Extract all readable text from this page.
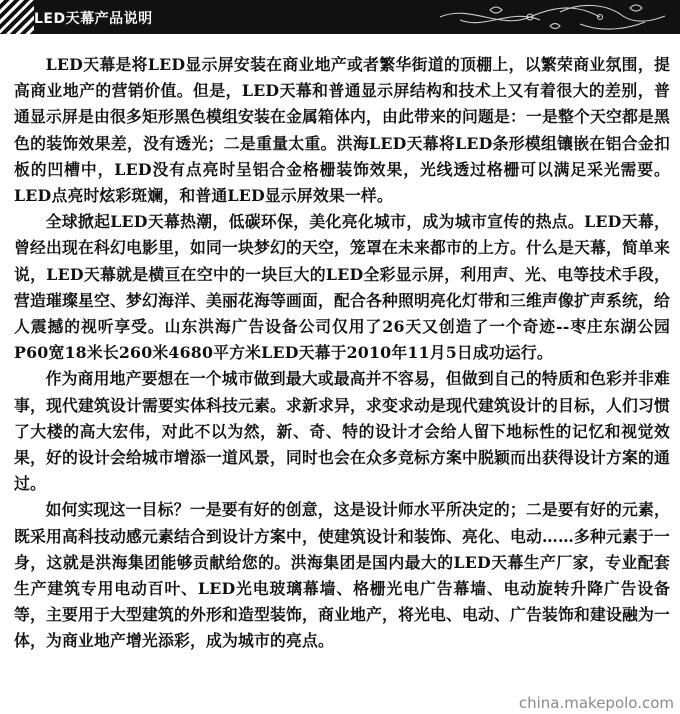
LED天幕产品说明

LED天幕是将LED显示屏安装在商业地产或者繁华街道的顶棚上，以繁荣商业氛围，提高商业地产的营销价值。但是，LED天幕和普通显示屏结构和技术上又有着很大的差别，普通显示屏是由很多矩形黑色模组安装在金属箱体内，由此带来的问题是：一是整个天空都是黑色的装饰效果差，没有透光；二是重量太重。洪海LED天幕将LED条形模组镶嵌在铝合金扣板的凹槽中，LED没有点亮时呈铝合金格栅装饰效果，光线透过格栅可以满足采光需要。LED点亮时炫彩斑斓，和普通LED显示屏效果一样。

全球掀起LED天幕热潮，低碳环保，美化亮化城市，成为城市宣传的热点。LED天幕，曾经出现在科幻电影里，如同一块梦幻的天空，笼罩在未来都市的上方。什么是天幕，简单来说，LED天幕就是横亘在空中的一块巨大的LED全彩显示屏，利用声、光、电等技术手段，营造璀璨星空、梦幻海洋、美丽花海等画面，配合各种照明亮化灯带和三维声像扩声系统，给人震撼的视听享受。山东洪海广告设备公司仅用了26天又创造了一个奇迹--枣庄东湖公园P60宽18米长260米4680平方米LED天幕于2010年11月5日成功运行。

作为商用地产要想在一个城市做到最大或最高并不容易，但做到自己的特质和色彩并非难事，现代建筑设计需要实体科技元素。求新求异，求变求动是现代建筑设计的目标，人们习惯了大楼的高大宏伟，对此不以为然，新、奇、特的设计才会给人留下地标性的记忆和视觉效果，好的设计会给城市增添一道风景，同时也会在众多竞标方案中脱颖而出获得设计方案的通过。

如何实现这一目标？一是要有好的创意，这是设计师水平所决定的；二是要有好的元素，既采用高科技动感元素结合到设计方案中，使建筑设计和装饰、亮化、电动……多种元素于一身，这就是洪海集团能够贡献给您的。洪海集团是国内最大的LED天幕生产厂家，专业配套生产建筑专用电动百叶、LED光电玻璃幕墙、格栅光电广告幕墙、电动旋转升降广告设备等，主要用于大型建筑的外形和造型装饰，商业地产，将光电、电动、广告装饰和建设融为一体，为商业地产增光添彩，成为城市的亮点。

china.makepolo.com
